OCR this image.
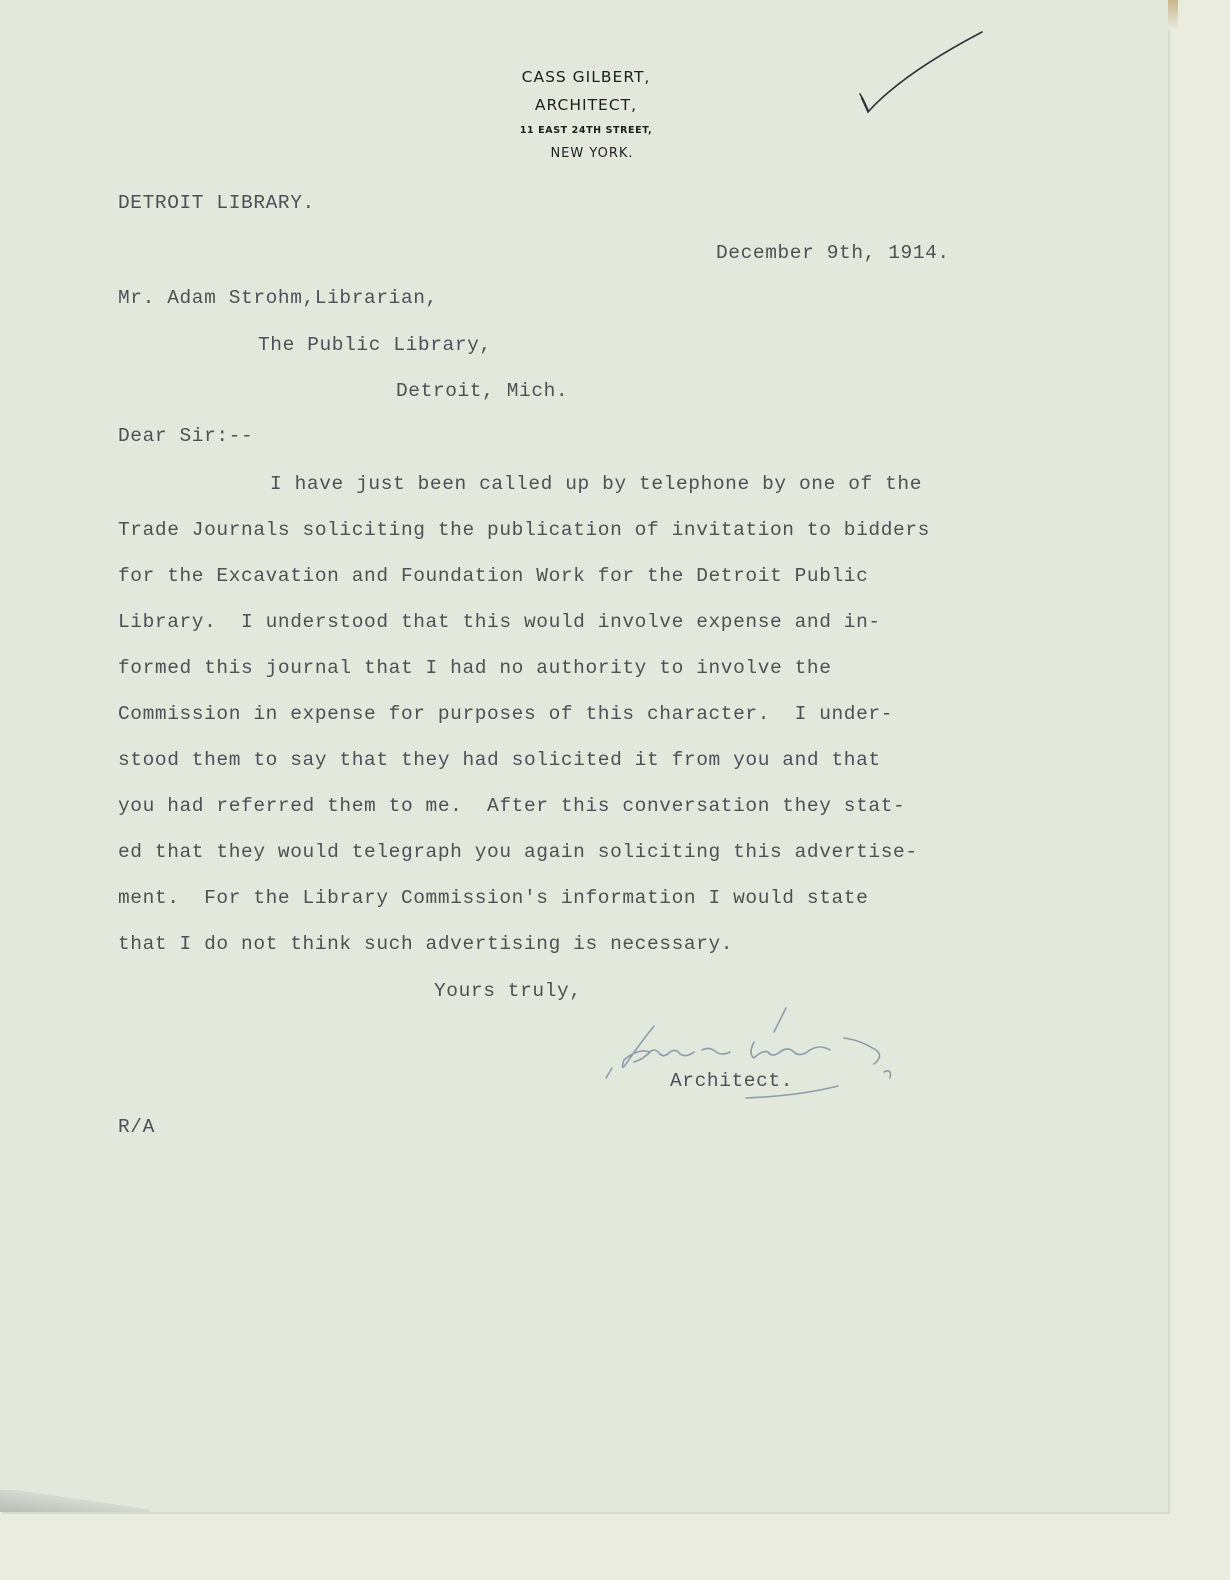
CASS GILBERT,
ARCHITECT,
11 EAST 24TH STREET,
NEW YORK.

DETROIT LIBRARY.

December 9th, 1914.

Mr. Adam Strohm,Librarian,

The Public Library,

Detroit, Mich.

Dear Sir:--

I have just been called up by telephone by one of the

Trade Journals soliciting the publication of invitation to bidders

for the Excavation and Foundation Work for the Detroit Public

Library.  I understood that this would involve expense and in-

formed this journal that I had no authority to involve the

Commission in expense for purposes of this character.  I under-

stood them to say that they had solicited it from you and that

you had referred them to me.  After this conversation they stat-

ed that they would telegraph you again soliciting this advertise-

ment.  For the Library Commission's information I would state

that I do not think such advertising is necessary.

Yours truly,

Architect.

R/A
